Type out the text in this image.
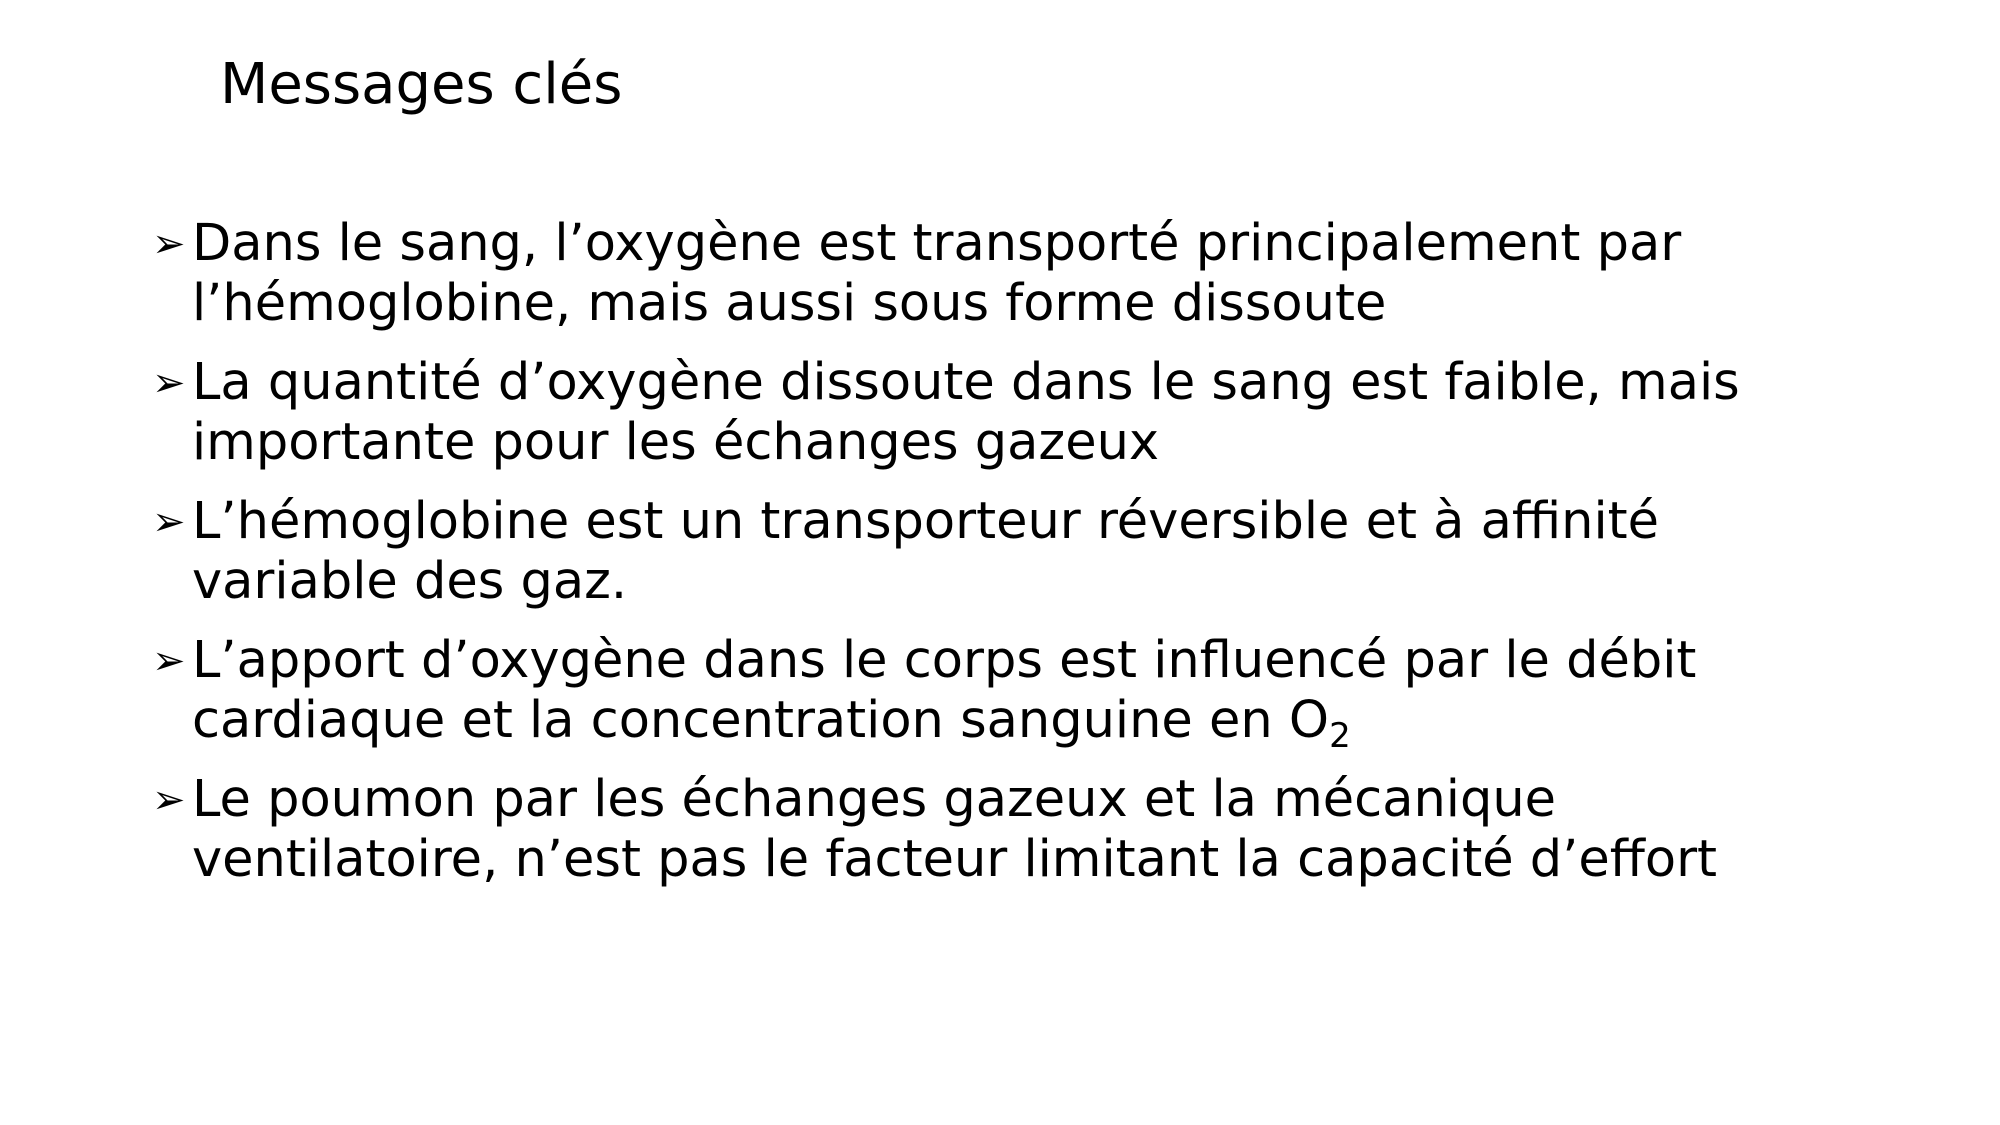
Messages clés
➢ Dans le sang, l’oxygène est transporté principalement par
l’hémoglobine, mais aussi sous forme dissoute
➢ La quantité d’oxygène dissoute dans le sang est faible, mais
importante pour les échanges gazeux
➢ L’hémoglobine est un transporteur réversible et à affinité
variable des gaz.
➢ L’apport d’oxygène dans le corps est influencé par le débit
cardiaque et la concentration sanguine en $O_2$
➢ Le poumon par les échanges gazeux et la mécanique
ventilatoire, n’est pas le facteur limitant la capacité d’effort
